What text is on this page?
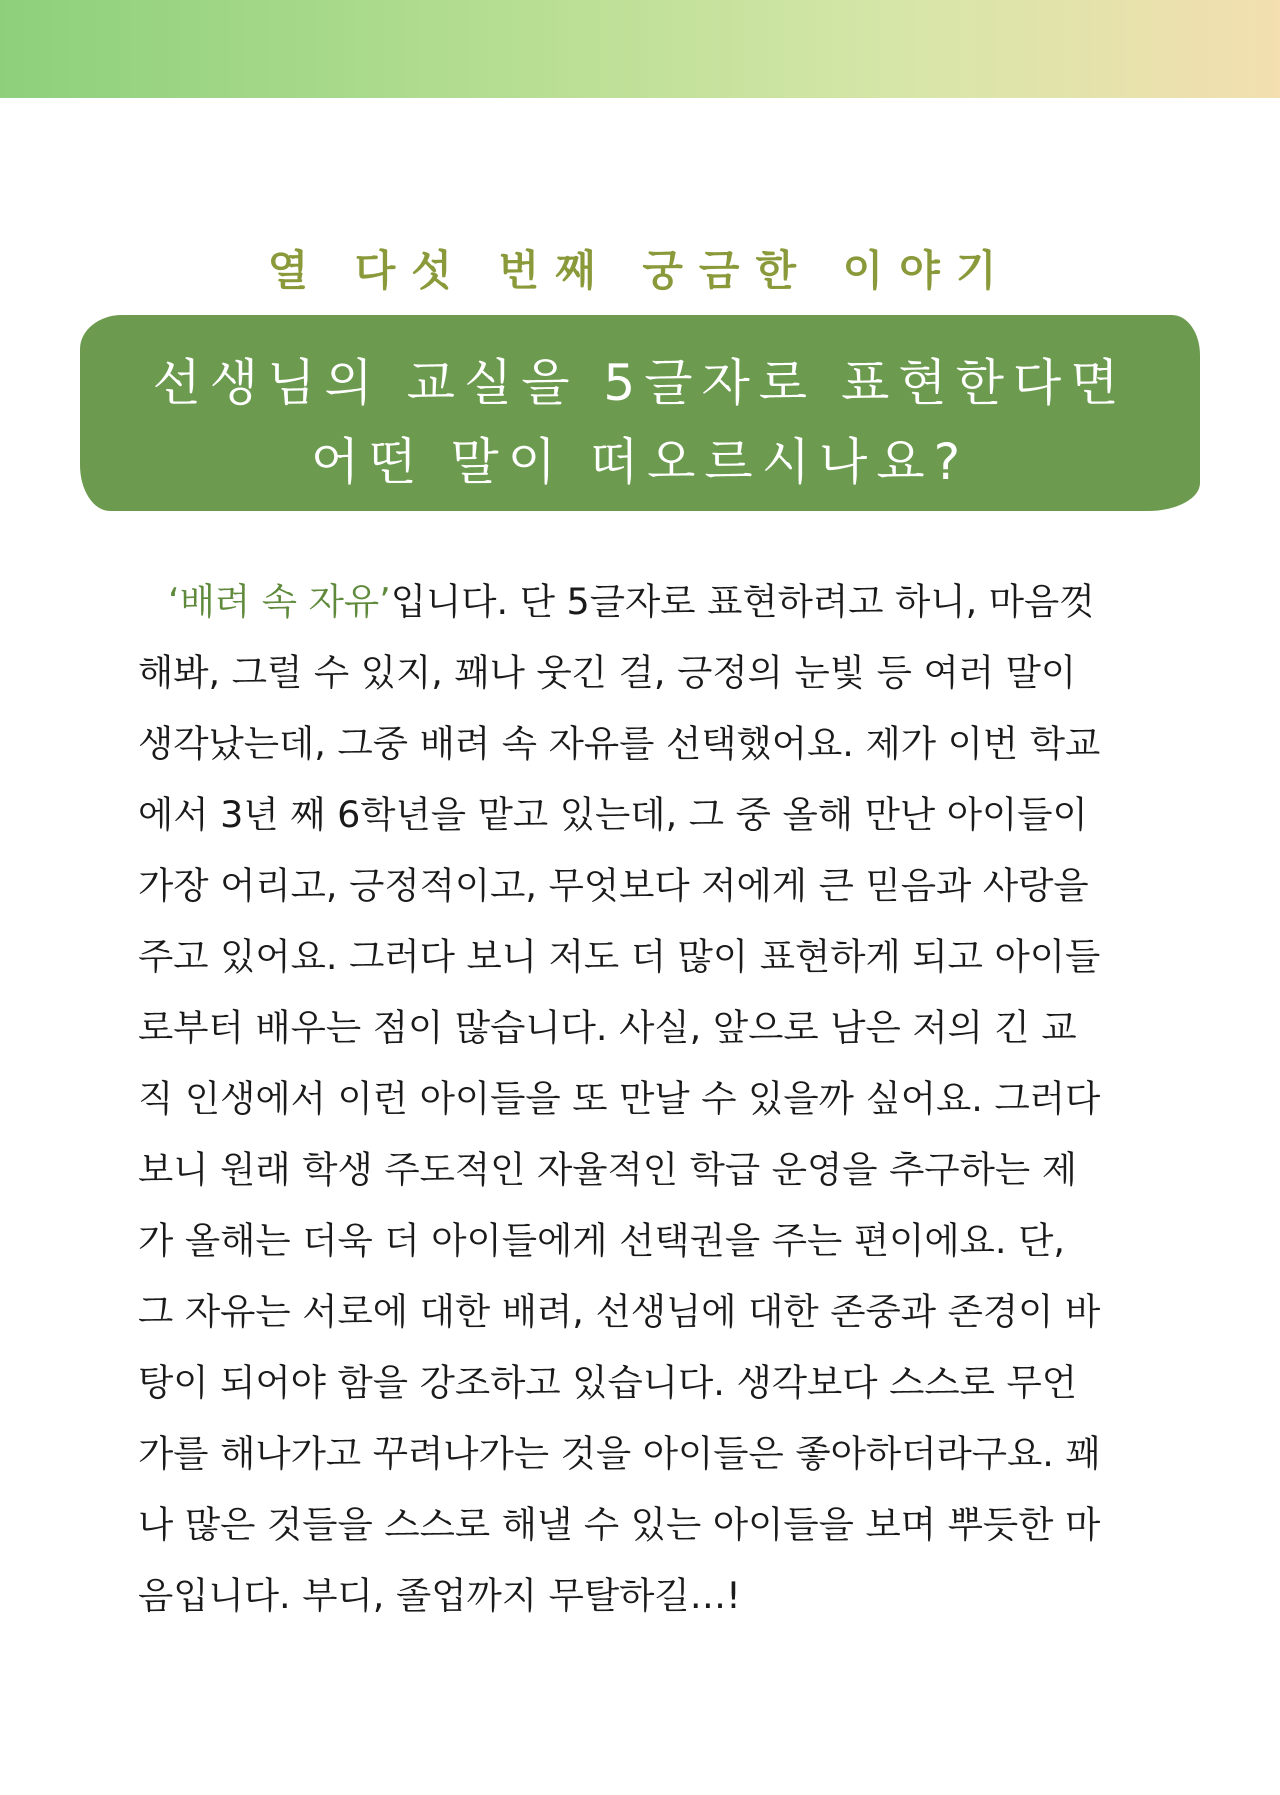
열 다섯 번째 궁금한 이야기
선생님의 교실을 5글자로 표현한다면
어떤 말이 떠오르시나요?
‘배려 속 자유’입니다. 단 5글자로 표현하려고 하니, 마음껏
해봐, 그럴 수 있지, 꽤나 웃긴 걸, 긍정의 눈빛 등 여러 말이
생각났는데, 그중 배려 속 자유를 선택했어요. 제가 이번 학교
에서 3년 째 6학년을 맡고 있는데, 그 중 올해 만난 아이들이
가장 어리고, 긍정적이고, 무엇보다 저에게 큰 믿음과 사랑을
주고 있어요. 그러다 보니 저도 더 많이 표현하게 되고 아이들
로부터 배우는 점이 많습니다. 사실, 앞으로 남은 저의 긴 교
직 인생에서 이런 아이들을 또 만날 수 있을까 싶어요. 그러다
보니 원래 학생 주도적인 자율적인 학급 운영을 추구하는 제
가 올해는 더욱 더 아이들에게 선택권을 주는 편이에요. 단,
그 자유는 서로에 대한 배려, 선생님에 대한 존중과 존경이 바
탕이 되어야 함을 강조하고 있습니다. 생각보다 스스로 무언
가를 해나가고 꾸려나가는 것을 아이들은 좋아하더라구요. 꽤
나 많은 것들을 스스로 해낼 수 있는 아이들을 보며 뿌듯한 마
음입니다. 부디, 졸업까지 무탈하길…!
